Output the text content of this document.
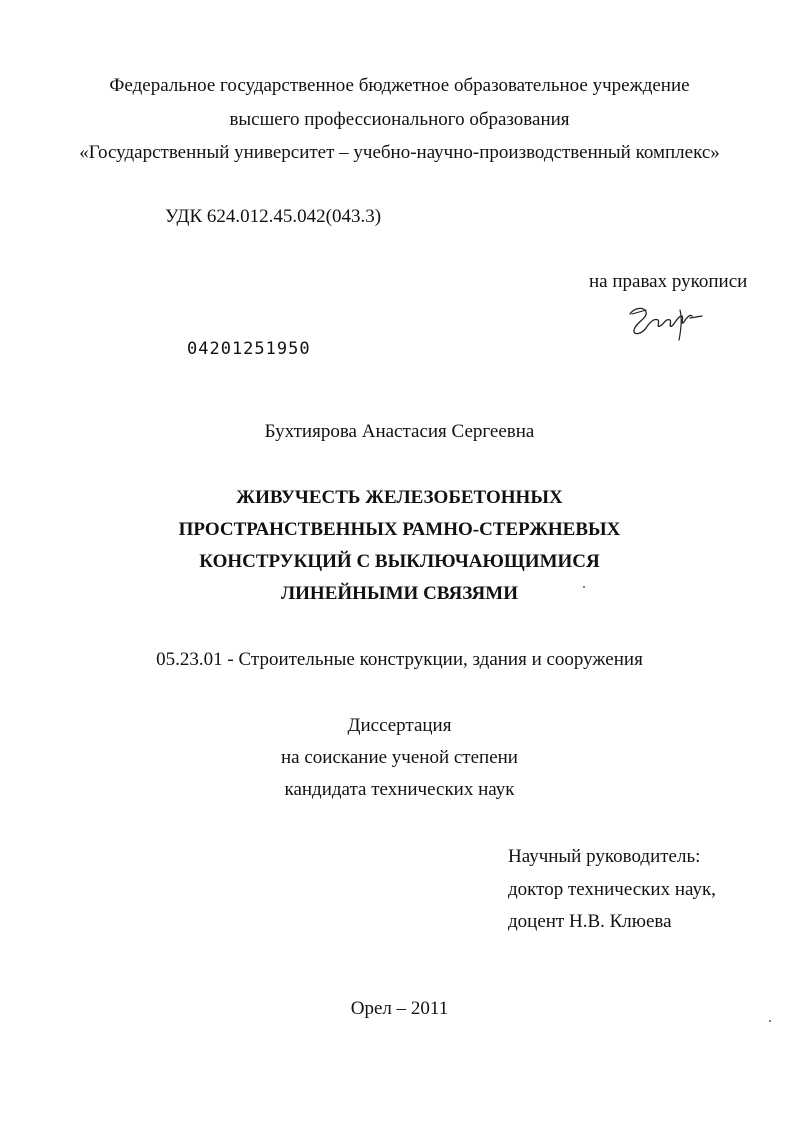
Федеральное государственное бюджетное образовательное учреждение
высшего профессионального образования
«Государственный университет – учебно-научно-производственный комплекс»
УДК 624.012.45.042(043.3)
на правах рукописи
04201251950
Бухтиярова Анастасия Сергеевна
ЖИВУЧЕСТЬ ЖЕЛЕЗОБЕТОННЫХ
ПРОСТРАНСТВЕННЫХ РАМНО-СТЕРЖНЕВЫХ
КОНСТРУКЦИЙ С ВЫКЛЮЧАЮЩИМИСЯ
ЛИНЕЙНЫМИ СВЯЗЯМИ
05.23.01 - Строительные конструкции, здания и сооружения
Диссертация
на соискание ученой степени
кандидата технических наук
Научный руководитель:
доктор технических наук,
доцент Н.В. Клюева
Орел – 2011
